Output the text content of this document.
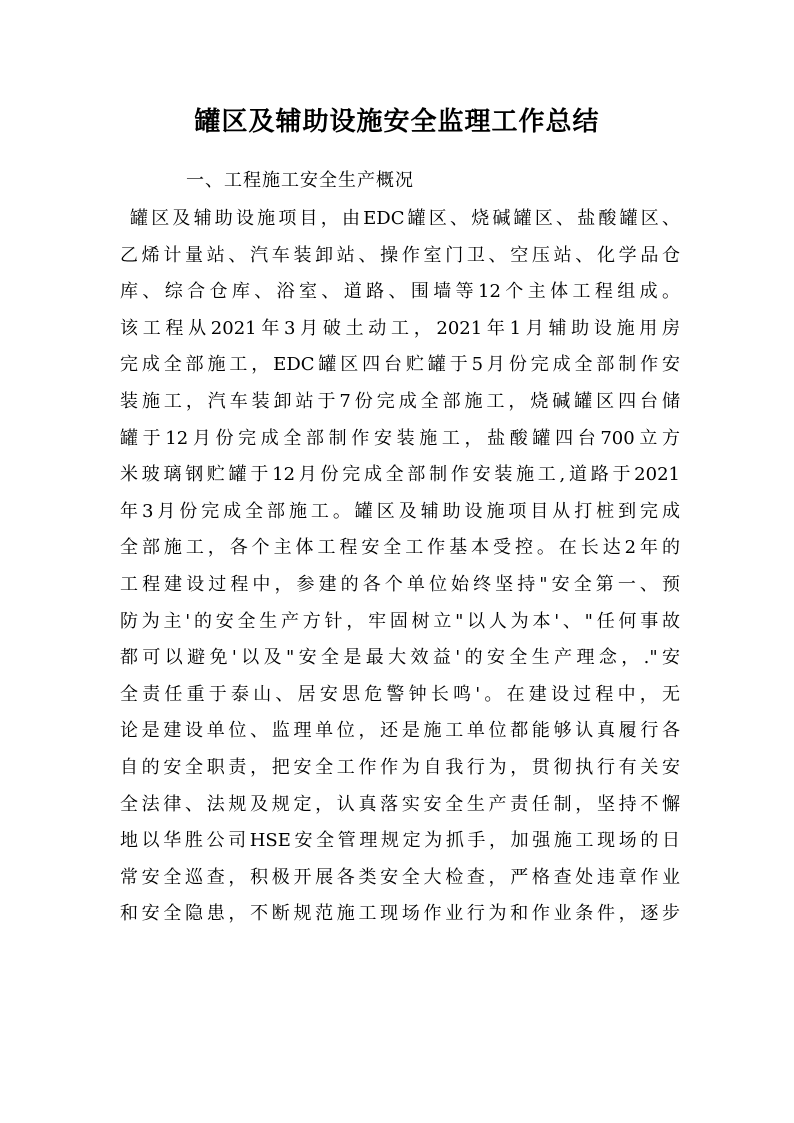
罐区及辅助设施安全监理工作总结

一、工程施工安全生产概况

罐区及辅助设施项目，由EDC罐区、烧碱罐区、盐酸罐区、
乙烯计量站、汽车装卸站、操作室门卫、空压站、化学品仓
库、综合仓库、浴室、道路、围墙等12个主体工程组成。
该工程从2021年3月破土动工，2021年1月辅助设施用房
完成全部施工，EDC罐区四台贮罐于5月份完成全部制作安
装施工，汽车装卸站于7份完成全部施工，烧碱罐区四台储
罐于12月份完成全部制作安装施工，盐酸罐四台700立方
米玻璃钢贮罐于12月份完成全部制作安装施工,道路于2021
年3月份完成全部施工。罐区及辅助设施项目从打桩到完成
全部施工，各个主体工程安全工作基本受控。在长达2年的
工程建设过程中，参建的各个单位始终坚持"安全第一、预
防为主'的安全生产方针，牢固树立"以人为本'、"任何事故
都可以避免'以及"安全是最大效益'的安全生产理念，."安
全责任重于泰山、居安思危警钟长鸣'。在建设过程中，无
论是建设单位、监理单位，还是施工单位都能够认真履行各
自的安全职责，把安全工作作为自我行为，贯彻执行有关安
全法律、法规及规定，认真落实安全生产责任制，坚持不懈
地以华胜公司HSE安全管理规定为抓手，加强施工现场的日
常安全巡查，积极开展各类安全大检查，严格查处违章作业
和安全隐患，不断规范施工现场作业行为和作业条件，逐步
